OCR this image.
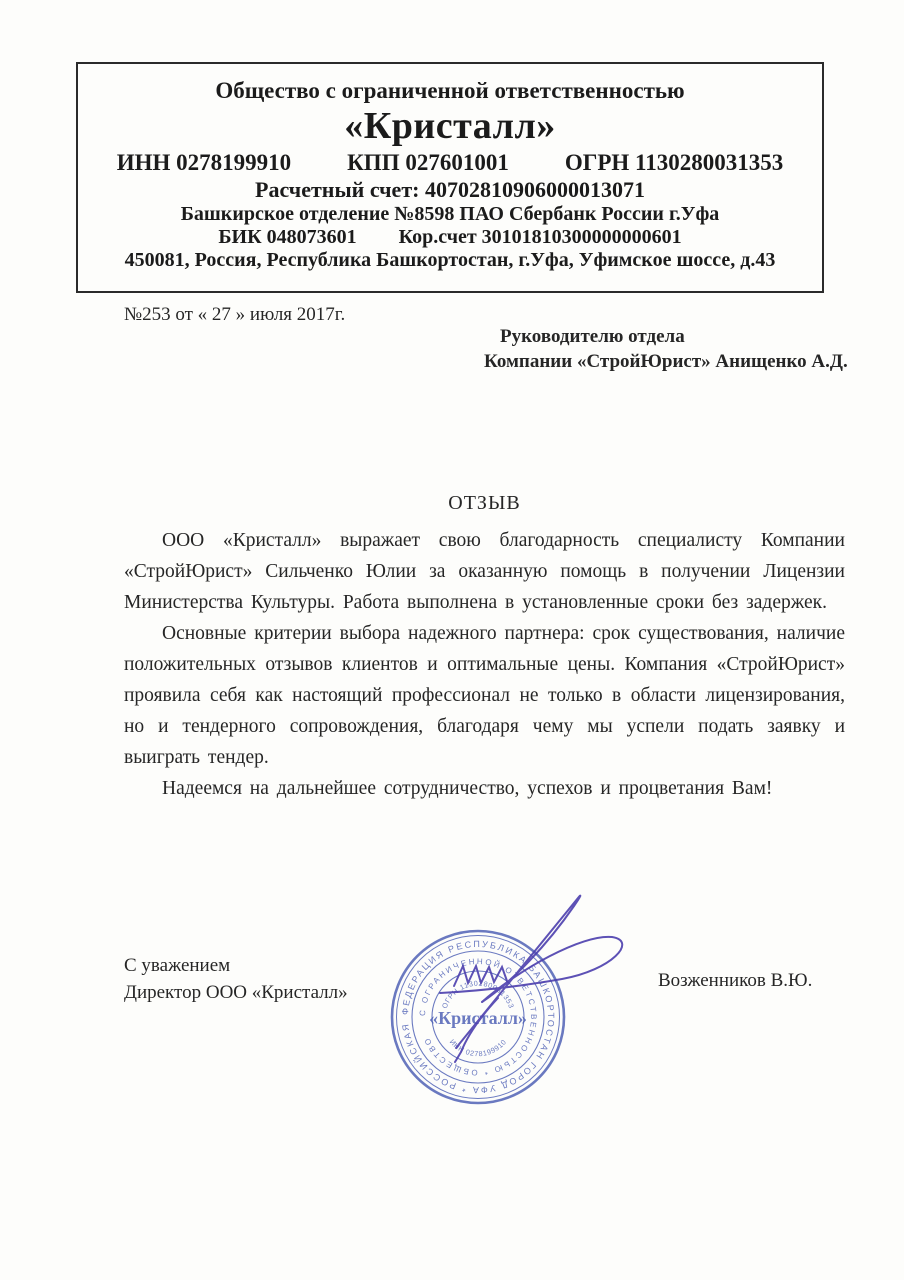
Общество с ограниченной ответственностью
«Кристалл»
ИНН 0278199910 КПП 027601001 ОГРН 1130280031353
Расчетный счет: 40702810906000013071
Башкирское отделение №8598 ПАО Сбербанк России г.Уфа
БИК 048073601 Кор.счет 30101810300000000601
450081, Россия, Республика Башкортостан, г.Уфа, Уфимское шоссе, д.43
№253 от « 27 » июля 2017г.
Руководителю отдела
Компании «СтройЮрист» Анищенко А.Д.
ОТЗЫВ

ООО «Кристалл» выражает свою благодарность специалисту Компании «СтройЮрист» Сильченко Юлии за оказанную помощь в получении Лицензии Министерства Культуры. Работа выполнена в установленные сроки без задержек.

Основные критерии выбора надежного партнера: срок существования, наличие положительных отзывов клиентов и оптимальные цены. Компания «СтройЮрист» проявила себя как настоящий профессионал не только в области лицензирования, но и тендерного сопровождения, благодаря чему мы успели подать заявку и выиграть тендер.

Надеемся на дальнейшее сотрудничество, успехов и процветания Вам!

С уважением
Директор ООО «Кристалл»
Возженников В.Ю.
ФЕДЕРАЦИЯ РЕСПУБЛИКА БАШКОРТОСТАН ГОРОД УФА * РОССИЙСКАЯ
С ОГРАНИЧЕННОЙ ОТВЕТСТВЕННОСТЬЮ * ОБЩЕСТВО
ОГРН 1130280031353
ИНН 0278199910
«Кристалл»
